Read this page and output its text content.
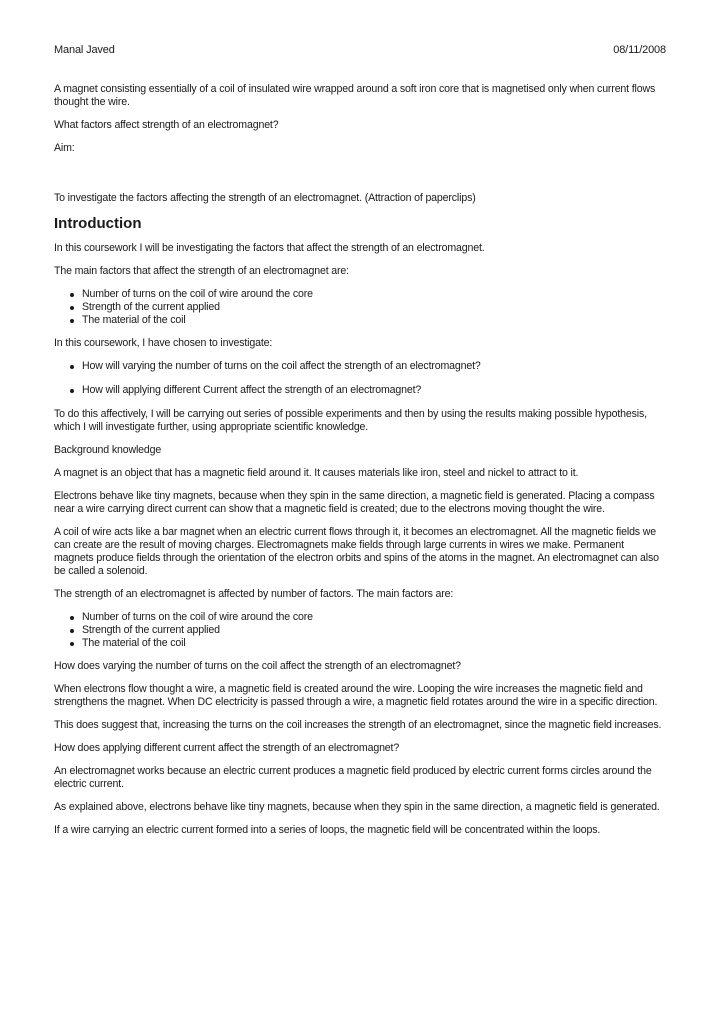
Manal Javed	08/11/2008

A magnet consisting essentially of a coil of insulated wire wrapped around a soft iron core that is magnetised only when current flows thought the wire.

What factors affect strength of an electromagnet?

Aim:

To investigate the factors affecting the strength of an electromagnet. (Attraction of paperclips)

Introduction

In this coursework I will be investigating the factors that affect the strength of an electromagnet.

The main factors that affect the strength of an electromagnet are:

Number of turns on the coil of wire around the core
Strength of the current applied
The material of the coil

In this coursework, I have chosen to investigate:

How will varying the number of turns on the coil affect the strength of an electromagnet?
How will applying different Current affect the strength of an electromagnet?

To do this affectively, I will be carrying out series of possible experiments and then by using the results making possible hypothesis, which I will investigate further, using appropriate scientific knowledge.

Background knowledge

A magnet is an object that has a magnetic field around it. It causes materials like iron, steel and nickel to attract to it.

Electrons behave like tiny magnets, because when they spin in the same direction, a magnetic field is generated. Placing a compass near a wire carrying direct current can show that a magnetic field is created; due to the electrons moving thought the wire.

A coil of wire acts like a bar magnet when an electric current flows through it, it becomes an electromagnet. All the magnetic fields we can create are the result of moving charges. Electromagnets make fields through large currents in wires we make. Permanent magnets produce fields through the orientation of the electron orbits and spins of the atoms in the magnet. An electromagnet can also be called a solenoid.

The strength of an electromagnet is affected by number of factors. The main factors are:

Number of turns on the coil of wire around the core
Strength of the current applied
The material of the coil

How does varying the number of turns on the coil affect the strength of an electromagnet?

When electrons flow thought a wire, a magnetic field is created around the wire. Looping the wire increases the magnetic field and strengthens the magnet. When DC electricity is passed through a wire, a magnetic field rotates around the wire in a specific direction.

This does suggest that, increasing the turns on the coil increases the strength of an electromagnet, since the magnetic field increases.

How does applying different current affect the strength of an electromagnet?

An electromagnet works because an electric current produces a magnetic field produced by electric current forms circles around the electric current.

As explained above, electrons behave like tiny magnets, because when they spin in the same direction, a magnetic field is generated.

If a wire carrying an electric current formed into a series of loops, the magnetic field will be concentrated within the loops.
